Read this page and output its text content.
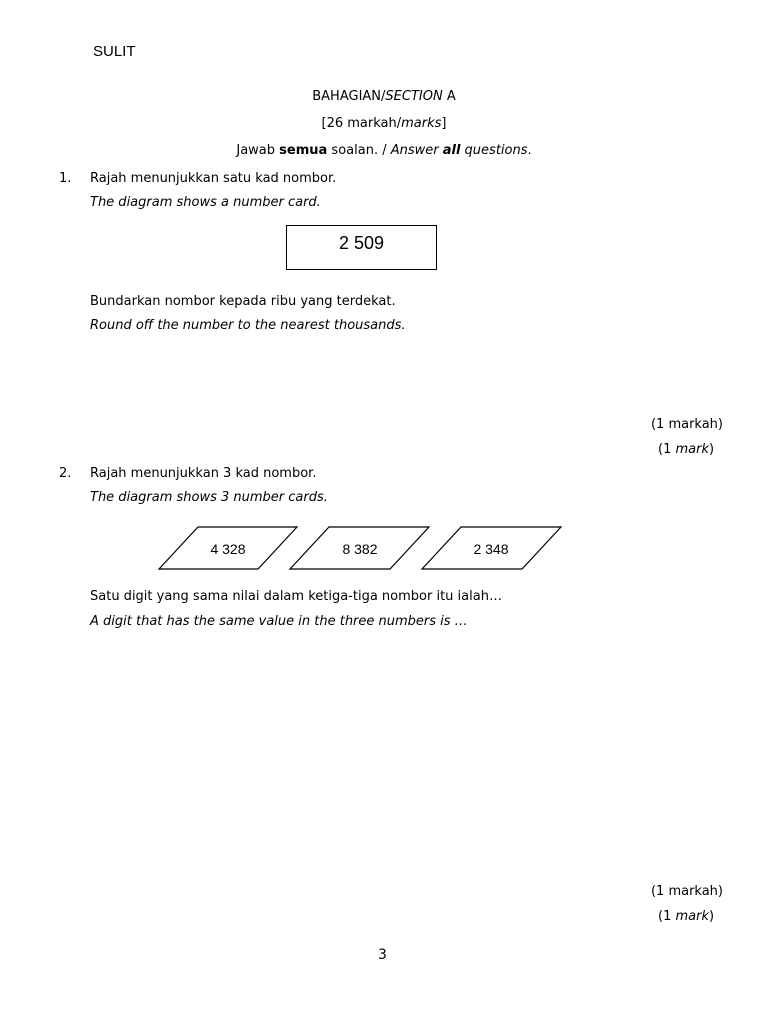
SULIT
BAHAGIAN/SECTION A
[26 markah/marks]
Jawab semua soalan. / Answer all questions.
1. Rajah menunjukkan satu kad nombor.
The diagram shows a number card.
2 509
Bundarkan nombor kepada ribu yang terdekat.
Round off the number to the nearest thousands.
(1 markah)
(1 mark)
2. Rajah menunjukkan 3 kad nombor.
The diagram shows 3 number cards.
4 328	8 382	2 348
Satu digit yang sama nilai dalam ketiga-tiga nombor itu ialah…
A digit that has the same value in the three numbers is …
(1 markah)
(1 mark)
3
